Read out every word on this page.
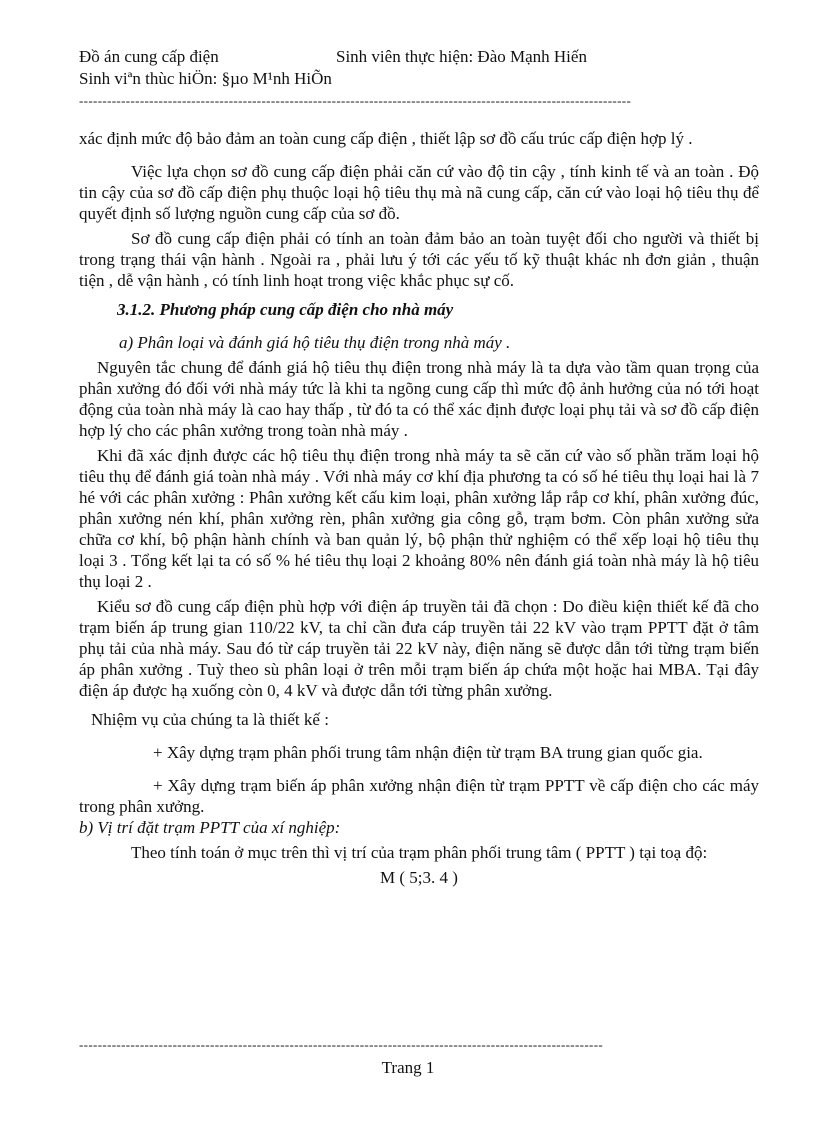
Đồ án cung cấp điện	Sinh viên thực hiện: Đào Mạnh Hiến
Sinh viªn thùc hiÖn: §µo M¹nh HiÕn
----------------------------------------------------------------------------------------------------------------------

xác định mức độ bảo đảm an toàn cung cấp điện , thiết lập sơ đồ cấu trúc cấp điện hợp lý .

Việc lựa chọn sơ đồ cung cấp điện phải căn cứ vào độ tin cậy , tính kinh tế và an toàn . Độ tin cậy của sơ đồ cấp điện phụ thuộc loại hộ tiêu thụ mà nã cung cấp, căn cứ vào loại hộ tiêu thụ để quyết định số lượng nguồn cung cấp của sơ đồ.

Sơ đồ cung cấp điện phải có tính an toàn đảm bảo an toàn tuyệt đối cho người và thiết bị trong trạng thái vận hành . Ngoài ra , phải lưu ý tới các yếu tố kỹ thuật khác nh đơn giản , thuận tiện , dễ vận hành , có tính linh hoạt trong việc khắc phục sự cố.

3.1.2. Phương pháp cung cấp điện cho nhà máy

a) Phân loại và đánh giá hộ tiêu thụ điện trong nhà máy .

Nguyên tắc chung để đánh giá hộ tiêu thụ điện trong nhà máy là ta dựa vào tầm quan trọng của phân xưởng đó đối với nhà máy tức là khi ta ngõng cung cấp thì mức độ ảnh hưởng của nó tới hoạt động của toàn nhà máy là cao hay thấp , từ đó ta có thể xác định được loại phụ tải và sơ đồ cấp điện hợp lý cho các phân xưởng trong toàn nhà máy .

Khi đã xác định được các hộ tiêu thụ điện trong nhà máy ta sẽ căn cứ vào số phần trăm loại hộ tiêu thụ để đánh giá toàn nhà máy . Với nhà máy cơ khí địa phương ta có số hé tiêu thụ loại hai là 7 hé với các phân xưởng : Phân xưởng kết cấu kim loại, phân xưởng lắp rắp cơ khí, phân xưởng đúc, phân xưởng nén khí, phân xưởng rèn, phân xưởng gia công gỗ, trạm bơm. Còn phân xưởng sửa chữa cơ khí, bộ phận hành chính và ban quản lý, bộ phận thử nghiệm có thể xếp loại hộ tiêu thụ loại 3 . Tổng kết lại ta có số % hé tiêu thụ loại 2 khoảng 80% nên đánh giá toàn nhà máy là hộ tiêu thụ loại 2 .

Kiểu sơ đồ cung cấp điện phù hợp với điện áp truyền tải đã chọn : Do điều kiện thiết kế đã cho trạm biến áp trung gian 110/22 kV, ta chỉ cần đưa cáp truyền tải 22 kV vào trạm PPTT đặt ở tâm phụ tải của nhà máy. Sau đó từ cáp truyền tải 22 kV này, điện năng sẽ được dẫn tới từng trạm biến áp phân xưởng . Tuỳ theo sù phân loại ở trên mỗi trạm biến áp chứa một hoặc hai MBA. Tại đây điện áp được hạ xuống còn 0, 4 kV và được dẫn tới từng phân xưởng.

Nhiệm vụ của chúng ta là thiết kế :

+ Xây dựng trạm phân phối trung tâm nhận điện từ trạm BA trung gian quốc gia.

+ Xây dựng trạm biến áp phân xưởng nhận điện từ trạm PPTT về cấp điện cho các máy trong phân xưởng.

b) Vị trí đặt trạm PPTT của xí nghiệp:

Theo tính toán ở mục trên thì vị trí của trạm phân phối trung tâm ( PPTT ) tại toạ độ:

M ( 5;3. 4 )

----------------------------------------------------------------------------------------------------------------
Trang 1
